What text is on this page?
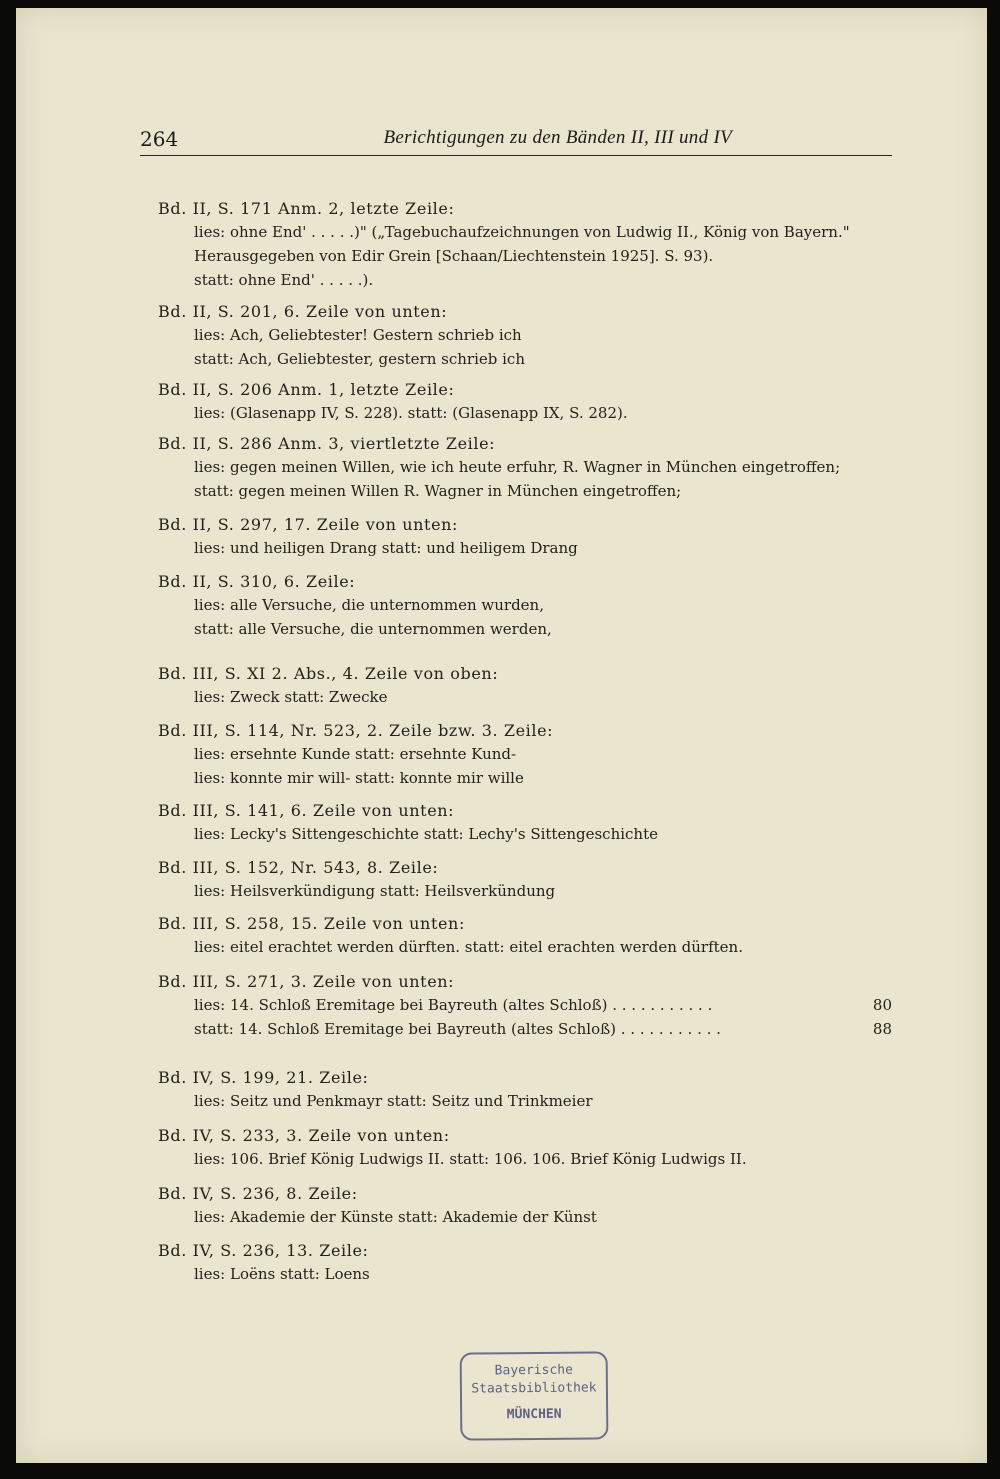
264	Berichtigungen zu den Bänden II, III und IV
Bd. II, S. 171 Anm. 2, letzte Zeile:
lies: ohne End' . . . . .)" („Tagebuchaufzeichnungen von Ludwig II., König von Bayern."
Herausgegeben von Edir Grein [Schaan/Liechtenstein 1925]. S. 93).
statt: ohne End' . . . . .).
Bd. II, S. 201, 6. Zeile von unten:
lies: Ach, Geliebtester! Gestern schrieb ich
statt: Ach, Geliebtester, gestern schrieb ich
Bd. II, S. 206 Anm. 1, letzte Zeile:
lies: (Glasenapp IV, S. 228). statt: (Glasenapp IX, S. 282).
Bd. II, S. 286 Anm. 3, viertletzte Zeile:
lies: gegen meinen Willen, wie ich heute erfuhr, R. Wagner in München eingetroffen;
statt: gegen meinen Willen R. Wagner in München eingetroffen;
Bd. II, S. 297, 17. Zeile von unten:
lies: und heiligen Drang statt: und heiligem Drang
Bd. II, S. 310, 6. Zeile:
lies: alle Versuche, die unternommen wurden,
statt: alle Versuche, die unternommen werden,
Bd. III, S. XI 2. Abs., 4. Zeile von oben:
lies: Zweck statt: Zwecke
Bd. III, S. 114, Nr. 523, 2. Zeile bzw. 3. Zeile:
lies: ersehnte Kunde statt: ersehnte Kund-
lies: konnte mir will- statt: konnte mir wille
Bd. III, S. 141, 6. Zeile von unten:
lies: Lecky's Sittengeschichte statt: Lechy's Sittengeschichte
Bd. III, S. 152, Nr. 543, 8. Zeile:
lies: Heilsverkündigung statt: Heilsverkündung
Bd. III, S. 258, 15. Zeile von unten:
lies: eitel erachtet werden dürften. statt: eitel erachten werden dürften.
Bd. III, S. 271, 3. Zeile von unten:
lies: 14. Schloß Eremitage bei Bayreuth (altes Schloß) . . . . . . . . . . .	80
statt: 14. Schloß Eremitage bei Bayreuth (altes Schloß) . . . . . . . . . . .	88
Bd. IV, S. 199, 21. Zeile:
lies: Seitz und Penkmayr statt: Seitz und Trinkmeier
Bd. IV, S. 233, 3. Zeile von unten:
lies: 106. Brief König Ludwigs II. statt: 106. 106. Brief König Ludwigs II.
Bd. IV, S. 236, 8. Zeile:
lies: Akademie der Künste statt: Akademie der Künst
Bd. IV, S. 236, 13. Zeile:
lies: Loëns statt: Loens
Bayerische
Staatsbibliothek
MÜNCHEN
